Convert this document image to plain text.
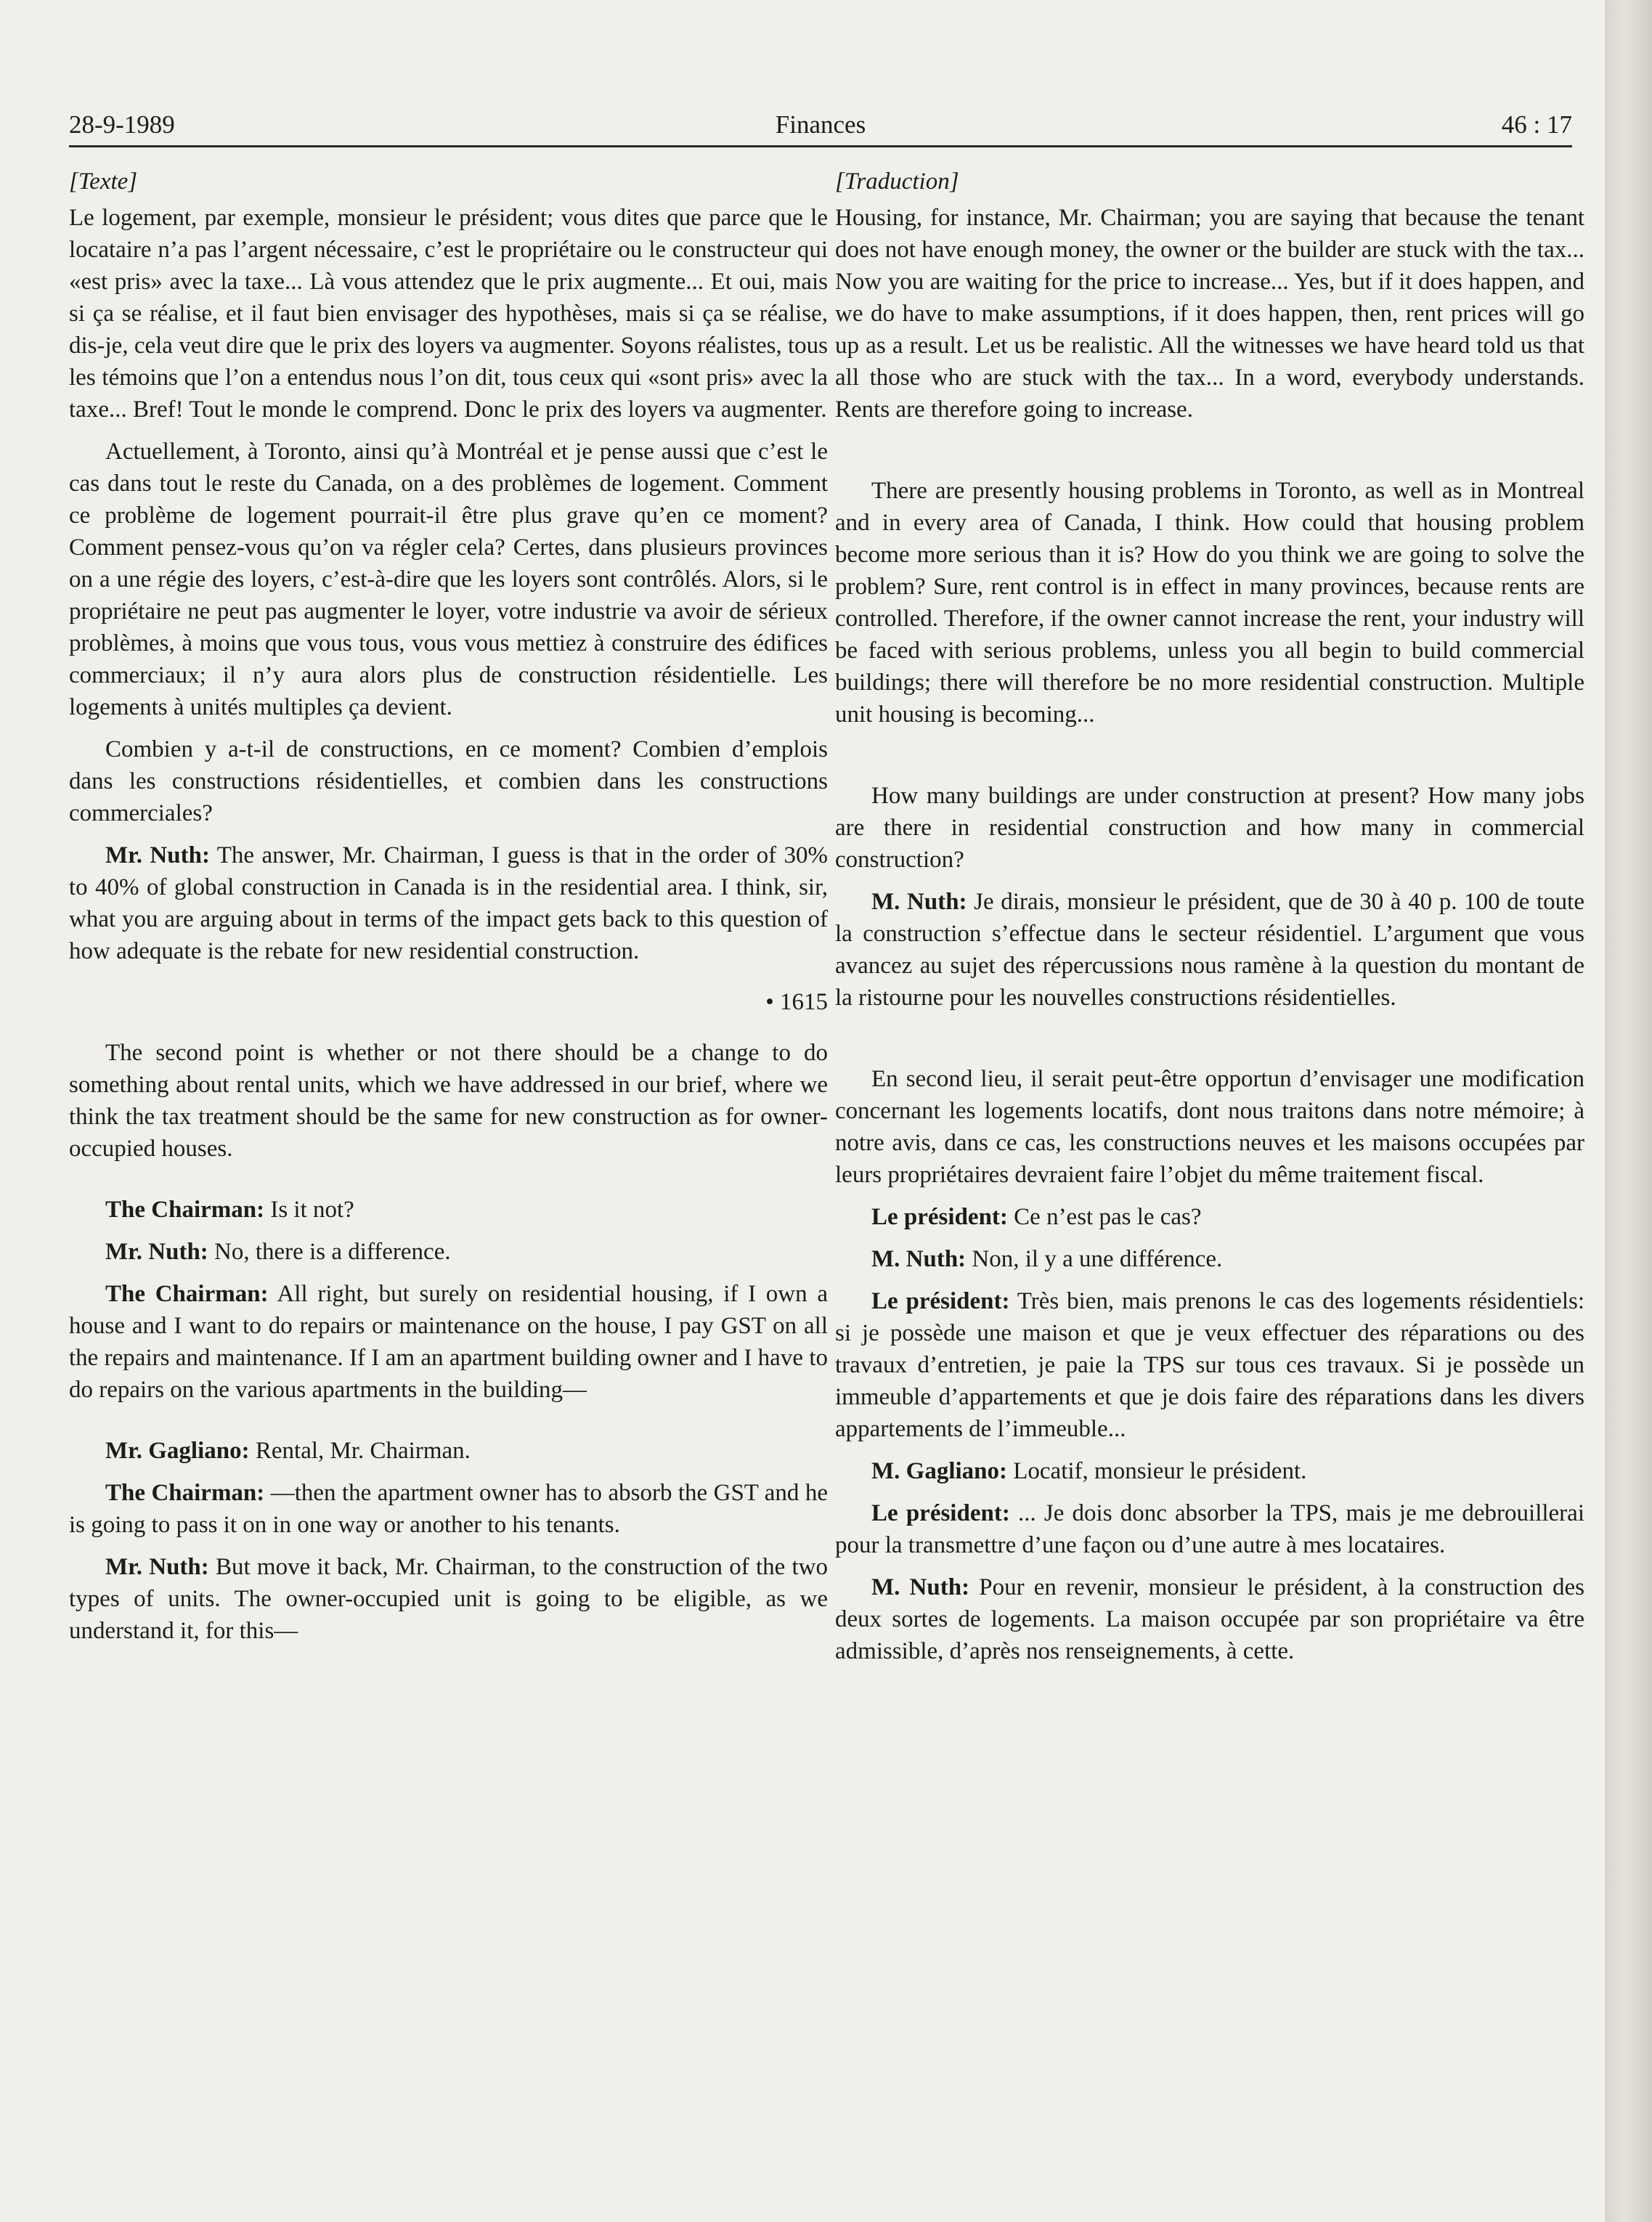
28-9-1989	Finances	46 : 17
[Texte]

Le logement, par exemple, monsieur le président; vous dites que parce que le locataire n’a pas l’argent nécessaire, c’est le propriétaire ou le constructeur qui «est pris» avec la taxe... Là vous attendez que le prix augmente... Et oui, mais si ça se réalise, et il faut bien envisager des hypothèses, mais si ça se réalise, dis-je, cela veut dire que le prix des loyers va augmenter. Soyons réalistes, tous les témoins que l’on a entendus nous l’on dit, tous ceux qui «sont pris» avec la taxe... Bref! Tout le monde le comprend. Donc le prix des loyers va augmenter.

Actuellement, à Toronto, ainsi qu’à Montréal et je pense aussi que c’est le cas dans tout le reste du Canada, on a des problèmes de logement. Comment ce problème de logement pourrait-il être plus grave qu’en ce moment? Comment pensez-vous qu’on va régler cela? Certes, dans plusieurs provinces on a une régie des loyers, c’est-à-dire que les loyers sont contrôlés. Alors, si le propriétaire ne peut pas augmenter le loyer, votre industrie va avoir de sérieux problèmes, à moins que vous tous, vous vous mettiez à construire des édifices commerciaux; il n’y aura alors plus de construction résidentielle. Les logements à unités multiples ça devient.

Combien y a-t-il de constructions, en ce moment? Combien d’emplois dans les constructions résidentielles, et combien dans les constructions commerciales?

Mr. Nuth: The answer, Mr. Chairman, I guess is that in the order of 30% to 40% of global construction in Canada is in the residential area. I think, sir, what you are arguing about in terms of the impact gets back to this question of how adequate is the rebate for new residential construction.

• 1615

The second point is whether or not there should be a change to do something about rental units, which we have addressed in our brief, where we think the tax treatment should be the same for new construction as for owner-occupied houses.

The Chairman: Is it not?

Mr. Nuth: No, there is a difference.

The Chairman: All right, but surely on residential housing, if I own a house and I want to do repairs or maintenance on the house, I pay GST on all the repairs and maintenance. If I am an apartment building owner and I have to do repairs on the various apartments in the building—

Mr. Gagliano: Rental, Mr. Chairman.

The Chairman: —then the apartment owner has to absorb the GST and he is going to pass it on in one way or another to his tenants.

Mr. Nuth: But move it back, Mr. Chairman, to the construction of the two types of units. The owner-occupied unit is going to be eligible, as we understand it, for this—

[Traduction]

Housing, for instance, Mr. Chairman; you are saying that because the tenant does not have enough money, the owner or the builder are stuck with the tax... Now you are waiting for the price to increase... Yes, but if it does happen, and we do have to make assumptions, if it does happen, then, rent prices will go up as a result. Let us be realistic. All the witnesses we have heard told us that all those who are stuck with the tax... In a word, everybody understands. Rents are therefore going to increase.

There are presently housing problems in Toronto, as well as in Montreal and in every area of Canada, I think. How could that housing problem become more serious than it is? How do you think we are going to solve the problem? Sure, rent control is in effect in many provinces, because rents are controlled. Therefore, if the owner cannot increase the rent, your industry will be faced with serious problems, unless you all begin to build commercial buildings; there will therefore be no more residential construction. Multiple unit housing is becoming...

How many buildings are under construction at present? How many jobs are there in residential construction and how many in commercial construction?

M. Nuth: Je dirais, monsieur le président, que de 30 à 40 p. 100 de toute la construction s’effectue dans le secteur résidentiel. L’argument que vous avancez au sujet des répercussions nous ramène à la question du montant de la ristourne pour les nouvelles constructions résidentielles.

En second lieu, il serait peut-être opportun d’envisager une modification concernant les logements locatifs, dont nous traitons dans notre mémoire; à notre avis, dans ce cas, les constructions neuves et les maisons occupées par leurs propriétaires devraient faire l’objet du même traitement fiscal.

Le président: Ce n’est pas le cas?

M. Nuth: Non, il y a une différence.

Le président: Très bien, mais prenons le cas des logements résidentiels: si je possède une maison et que je veux effectuer des réparations ou des travaux d’entretien, je paie la TPS sur tous ces travaux. Si je possède un immeuble d’appartements et que je dois faire des réparations dans les divers appartements de l’immeuble...

M. Gagliano: Locatif, monsieur le président.

Le président: ... Je dois donc absorber la TPS, mais je me debrouillerai pour la transmettre d’une façon ou d’une autre à mes locataires.

M. Nuth: Pour en revenir, monsieur le président, à la construction des deux sortes de logements. La maison occupée par son propriétaire va être admissible, d’après nos renseignements, à cette.
